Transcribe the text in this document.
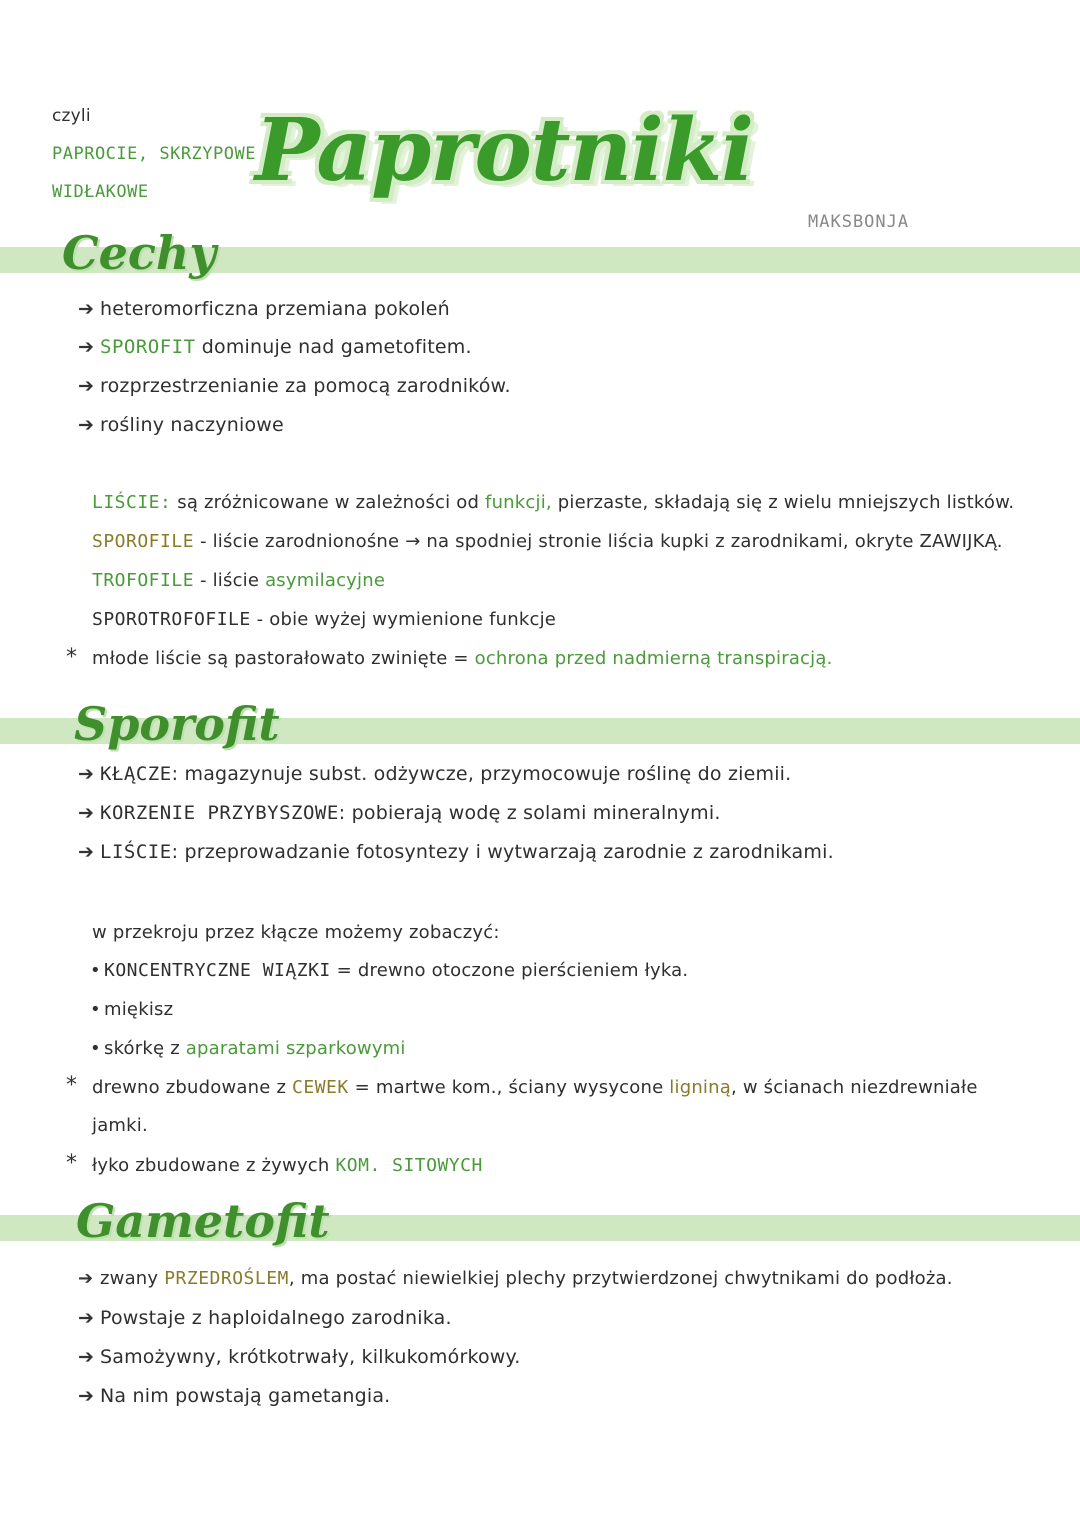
czyli
PAPROCIE, SKRZYPOWE
WIDŁAKOWE Paprotniki
MAKSBONJA
Cechy
➔ heteromorficzna przemiana pokoleń
➔ SPOROFIT dominuje nad gametofitem.
➔ rozprzestrzenianie za pomocą zarodników.
➔ rośliny naczyniowe
LIŚCIE: są zróżnicowane w zależności od funkcji, pierzaste, składają się z wielu mniejszych listków.
SPOROFILE - liście zarodnionośne → na spodniej stronie liścia kupki z zarodnikami, okryte ZAWIJKĄ.
TROFOFILE - liście asymilacyjne
SPOROTROFOFILE - obie wyżej wymienione funkcje
* młode liście są pastorałowato zwinięte = ochrona przed nadmierną transpiracją.
Sporofit
➔ KŁĄCZE: magazynuje subst. odżywcze, przymocowuje roślinę do ziemii.
➔ KORZENIE PRZYBYSZOWE: pobierają wodę z solami mineralnymi.
➔ LIŚCIE: przeprowadzanie fotosyntezy i wytwarzają zarodnie z zarodnikami.
w przekroju przez kłącze możemy zobaczyć:
• KONCENTRYCZNE WIĄZKI = drewno otoczone pierścieniem łyka.
• miękisz
• skórkę z aparatami szparkowymi
* drewno zbudowane z CEWEK = martwe kom., ściany wysycone ligniną, w ścianach niezdrewniałe
jamki.
* łyko zbudowane z żywych KOM. SITOWYCH
Gametofit
➔ zwany PRZEDROŚLEM, ma postać niewielkiej plechy przytwierdzonej chwytnikami do podłoża.
➔ Powstaje z haploidalnego zarodnika.
➔ Samożywny, krótkotrwały, kilkukomórkowy.
➔ Na nim powstają gametangia.
